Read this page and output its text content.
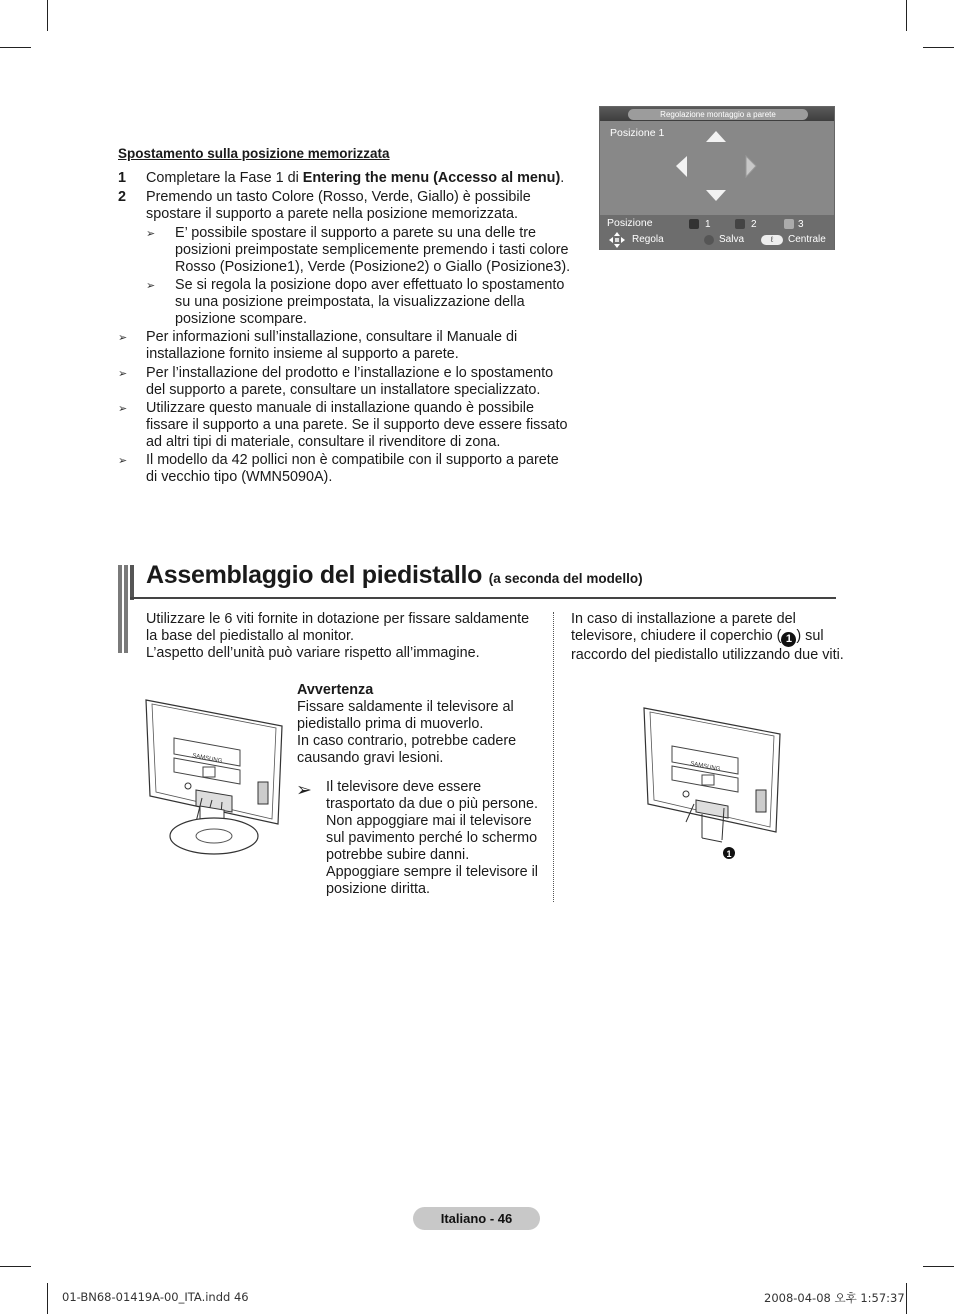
Spostamento sulla posizione memorizzata
1 Completare la Fase 1 di Entering the menu (Accesso al menu).
2 Premendo un tasto Colore (Rosso, Verde, Giallo) è possibile
spostare il supporto a parete nella posizione memorizzata.
➢ E’ possibile spostare il supporto a parete su una delle tre
posizioni preimpostate semplicemente premendo i tasti colore
Rosso (Posizione1), Verde (Posizione2) o Giallo (Posizione3).
➢ Se si regola la posizione dopo aver effettuato lo spostamento
su una posizione preimpostata, la visualizzazione della
posizione scompare.
➢ Per informazioni sull’installazione, consultare il Manuale di
installazione fornito insieme al supporto a parete.
➢ Per l’installazione del prodotto e l’installazione e lo spostamento
del supporto a parete, consultare un installatore specializzato.
➢ Utilizzare questo manuale di installazione quando è possibile
fissare il supporto a una parete. Se il supporto deve essere fissato
ad altri tipi di materiale, consultare il rivenditore di zona.
➢ Il modello da 42 pollici non è compatibile con il supporto a parete
di vecchio tipo (WMN5090A).
Regolazione montaggio a parete
Posizione 1
Posizione	1	2	3
Regola	Salva	ℓ	Centrale
Assemblaggio del piedistallo (a seconda del modello)
Utilizzare le 6 viti fornite in dotazione per fissare saldamente
la base del piedistallo al monitor.
L’aspetto dell’unità può variare rispetto all’immagine.
In caso di installazione a parete del
televisore, chiudere il coperchio ( 1 ) sul
raccordo del piedistallo utilizzando due viti.
SAMSUNG
Avvertenza
Fissare saldamente il televisore al
piedistallo prima di muoverlo.
In caso contrario, potrebbe cadere
causando gravi lesioni.
➢ Il televisore deve essere
trasportato da due o più persone.
Non appoggiare mai il televisore
sul pavimento perché lo schermo
potrebbe subire danni.
Appoggiare sempre il televisore il
posizione diritta.
SAMSUNG
1
Italiano - 46
01-BN68-01419A-00_ITA.indd 46	2008-04-08 오후 1:57:37
